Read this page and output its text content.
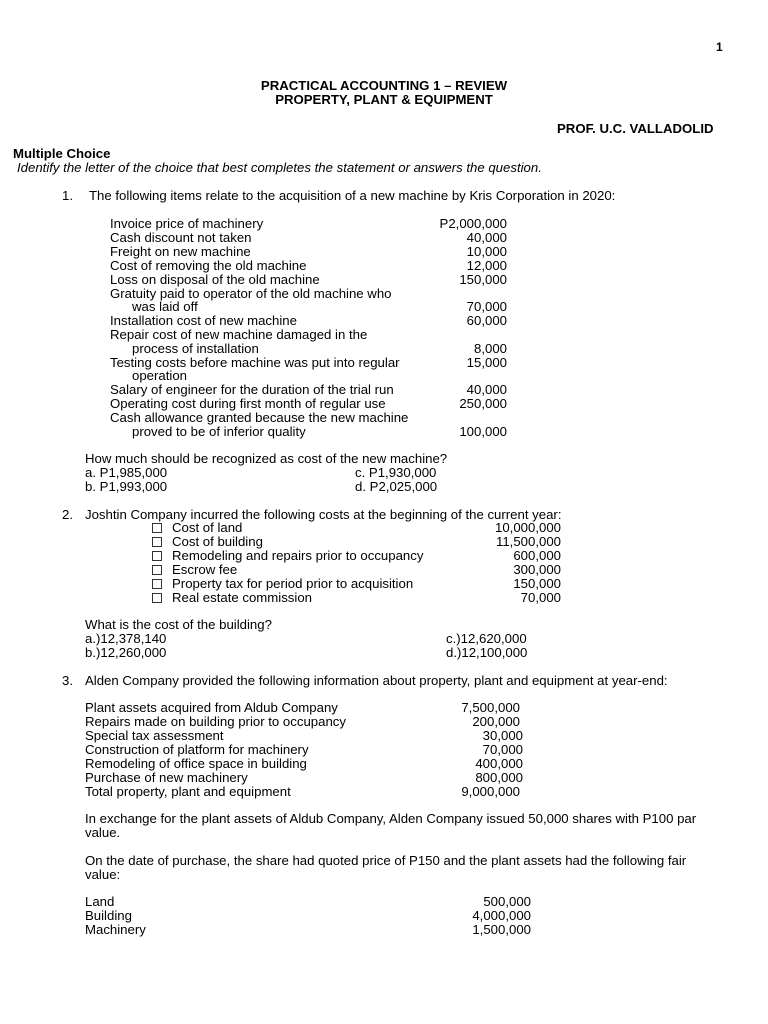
1
PRACTICAL ACCOUNTING 1 – REVIEW
PROPERTY, PLANT & EQUIPMENT
PROF. U.C. VALLADOLID
Multiple Choice
Identify the letter of the choice that best completes the statement or answers the question.
1. The following items relate to the acquisition of a new machine by Kris Corporation in 2020:
Invoice price of machinery	P2,000,000
Cash discount not taken	40,000
Freight on new machine	10,000
Cost of removing the old machine	12,000
Loss on disposal of the old machine	150,000
Gratuity paid to operator of the old machine who
was laid off	70,000
Installation cost of new machine	60,000
Repair cost of new machine damaged in the
process of installation	8,000
Testing costs before machine was put into regular	15,000
operation
Salary of engineer for the duration of the trial run	40,000
Operating cost during first month of regular use	250,000
Cash allowance granted because the new machine
proved to be of inferior quality	100,000
How much should be recognized as cost of the new machine?
a. P1,985,000	c. P1,930,000
b. P1,993,000	d. P2,025,000
2. Joshtin Company incurred the following costs at the beginning of the current year:
Cost of land	10,000,000
Cost of building	11,500,000
Remodeling and repairs prior to occupancy	600,000
Escrow fee	300,000
Property tax for period prior to acquisition	150,000
Real estate commission	70,000
What is the cost of the building?
a.)12,378,140	c.)12,620,000
b.)12,260,000	d.)12,100,000
3. Alden Company provided the following information about property, plant and equipment at year-end:
Plant assets acquired from Aldub Company	7,500,000
Repairs made on building prior to occupancy	200,000
Special tax assessment	30,000
Construction of platform for machinery	70,000
Remodeling of office space in building	400,000
Purchase of new machinery	800,000
Total property, plant and equipment	9,000,000
In exchange for the plant assets of Aldub Company, Alden Company issued 50,000 shares with P100 par
value.
On the date of purchase, the share had quoted price of P150 and the plant assets had the following fair
value:
Land	500,000
Building	4,000,000
Machinery	1,500,000
